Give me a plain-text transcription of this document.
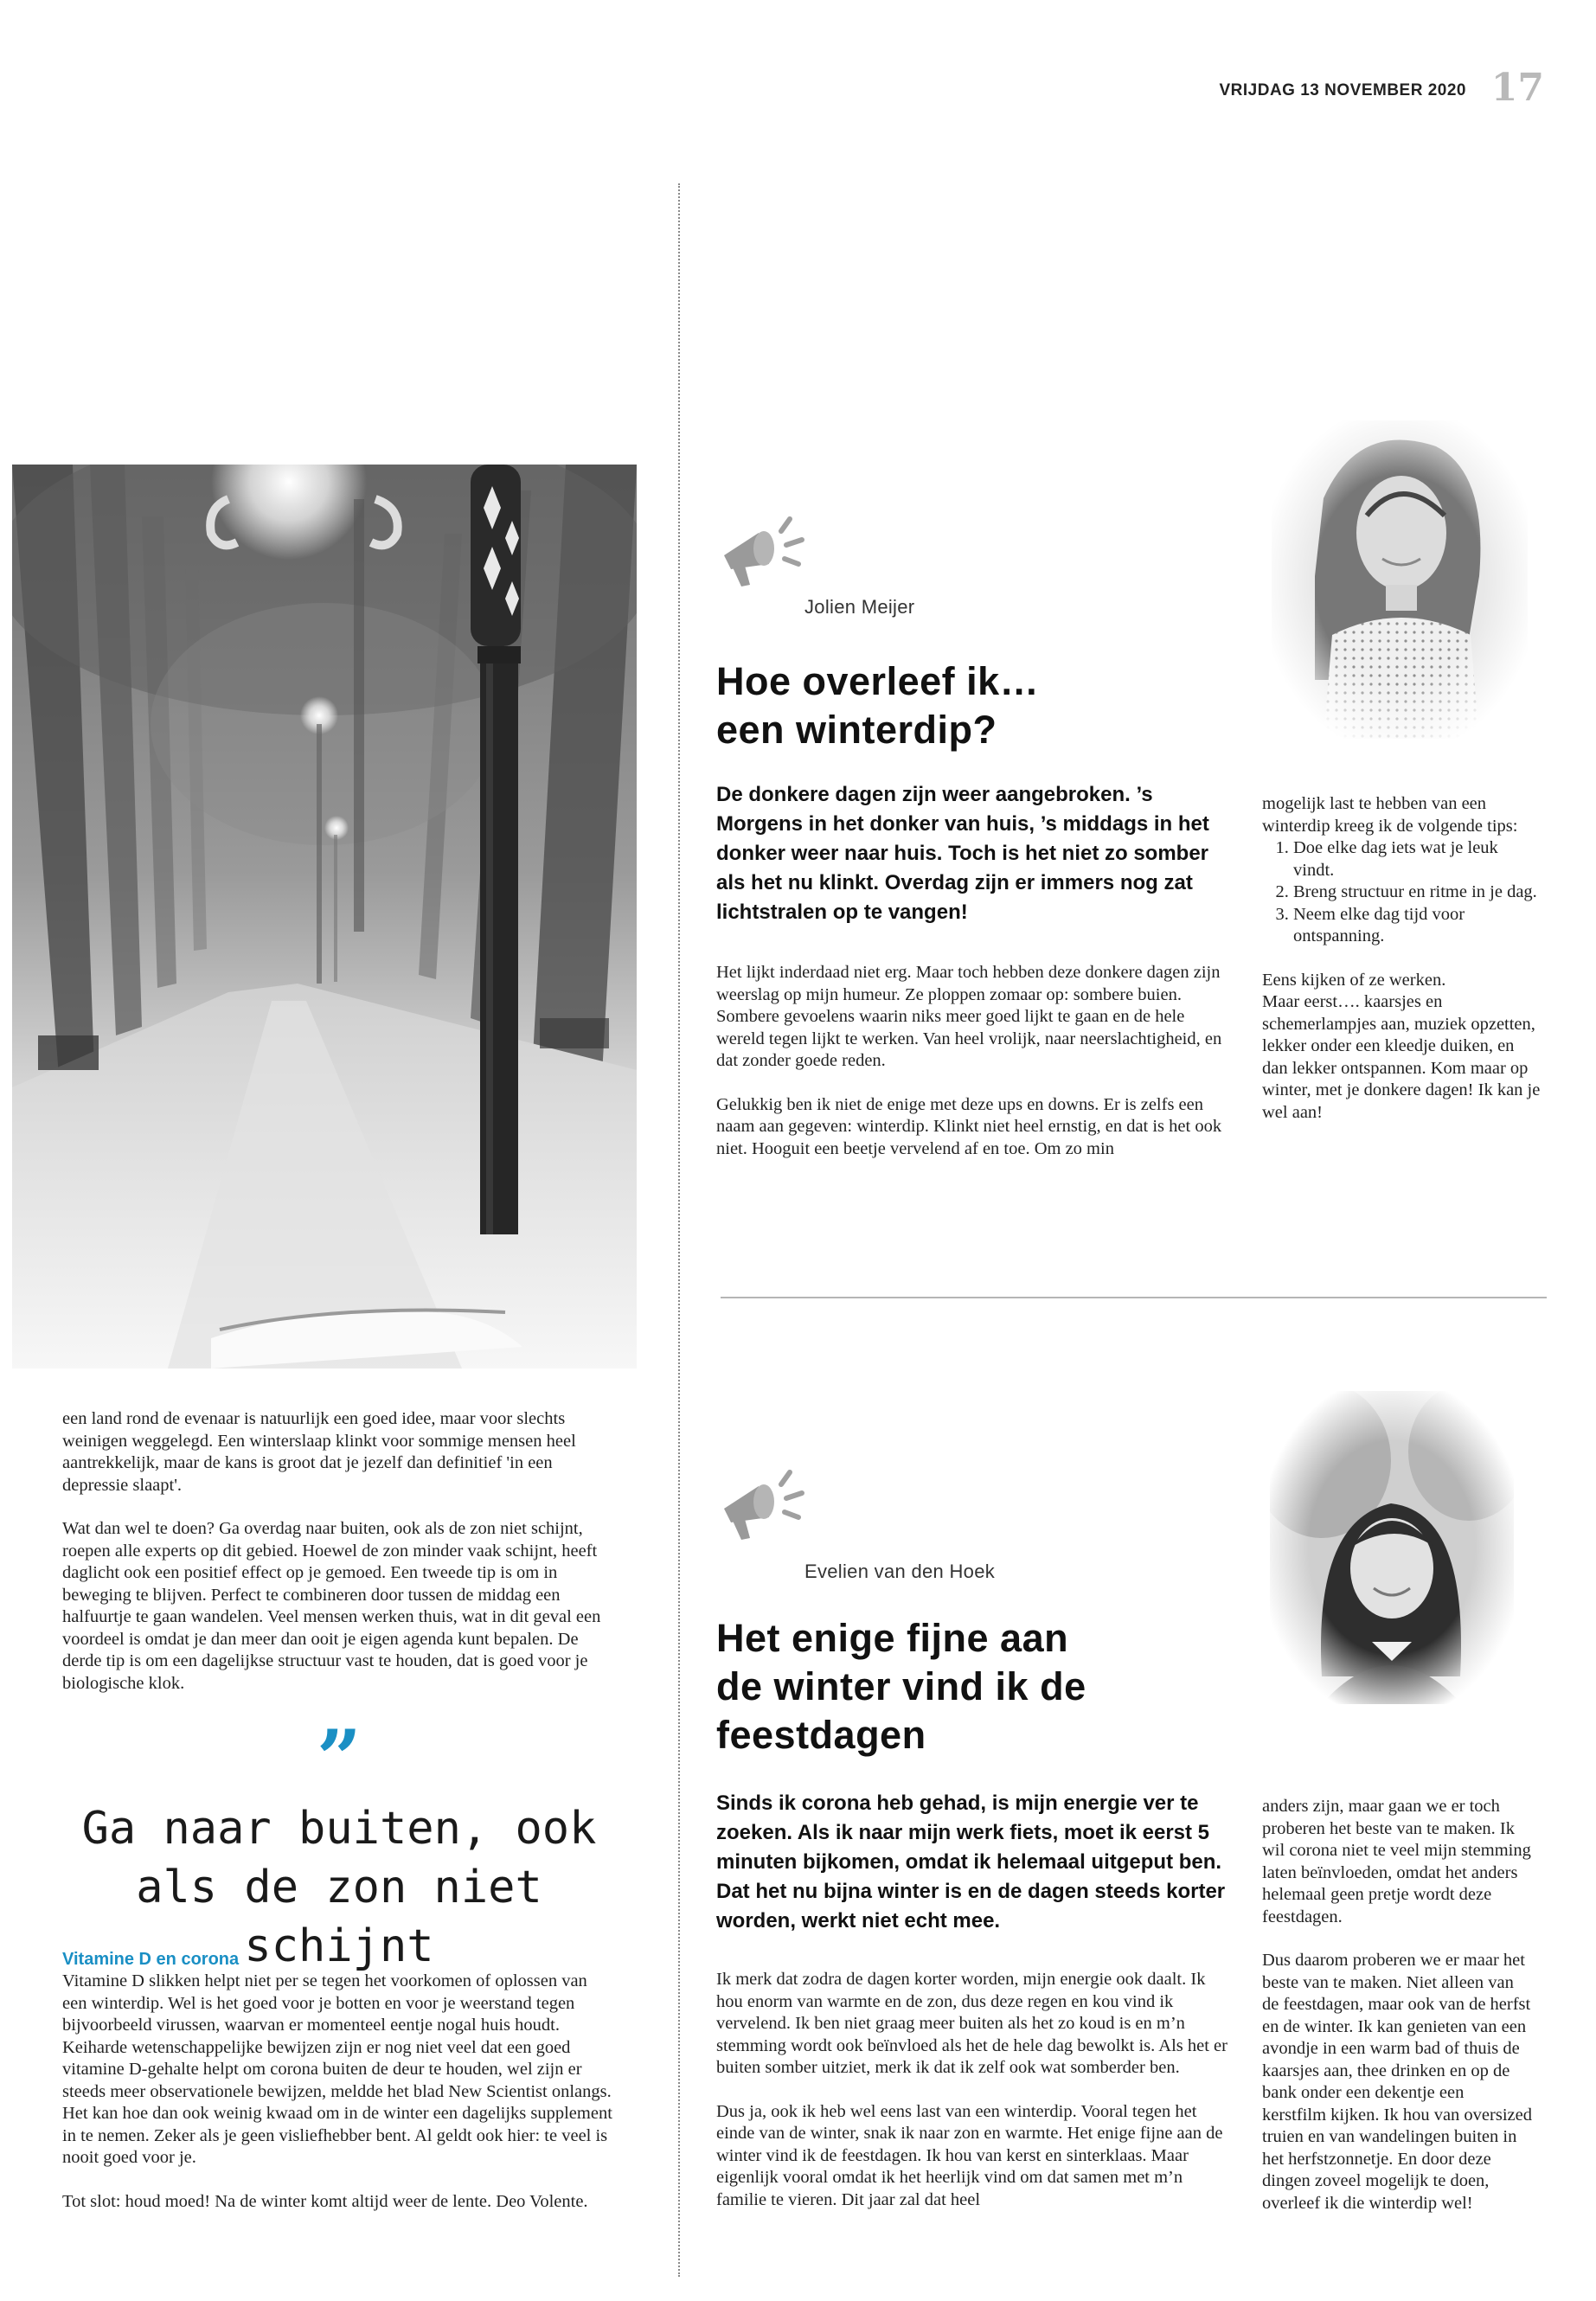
VRIJDAG 13 NOVEMBER 2020 17
Jolien Meijer
Hoe overleef ik…
een winterdip?
De donkere dagen zijn weer aangebroken. ’s Morgens in het donker van huis, ’s middags in het donker weer naar huis. Toch is het niet zo somber als het nu klinkt. Overdag zijn er immers nog zat lichtstralen op te vangen!

Het lijkt inderdaad niet erg. Maar toch hebben deze donkere dagen zijn weerslag op mijn humeur. Ze ploppen zomaar op: sombere buien. Sombere gevoelens waarin niks meer goed lijkt te gaan en de hele wereld tegen lijkt te werken. Van heel vrolijk, naar neerslachtigheid, en dat zonder goede reden.

Gelukkig ben ik niet de enige met deze ups en downs. Er is zelfs een naam aan gegeven: winterdip. Klinkt niet heel ernstig, en dat is het ook niet. Hooguit een beetje vervelend af en toe. Om zo min

mogelijk last te hebben van een winterdip kreeg ik de volgende tips:

1. Doe elke dag iets wat je leuk vindt.
2. Breng structuur en ritme in je dag.
3. Neem elke dag tijd voor ontspanning.

Eens kijken of ze werken.

Maar eerst…. kaarsjes en schemerlampjes aan, muziek opzetten, lekker onder een kleedje duiken, en dan lekker ontspannen. Kom maar op winter, met je donkere dagen! Ik kan je wel aan!

een land rond de evenaar is natuurlijk een goed idee, maar voor slechts weinigen weggelegd. Een winterslaap klinkt voor sommige mensen heel aantrekkelijk, maar de kans is groot dat je jezelf dan definitief 'in een depressie slaapt'.

Wat dan wel te doen? Ga overdag naar buiten, ook als de zon niet schijnt, roepen alle experts op dit gebied. Hoewel de zon minder vaak schijnt, heeft daglicht ook een positief effect op je gemoed. Een tweede tip is om in beweging te blijven. Perfect te combineren door tussen de middag een halfuurtje te gaan wandelen. Veel mensen werken thuis, wat in dit geval een voordeel is omdat je dan meer dan ooit je eigen agenda kunt bepalen. De derde tip is om een dagelijkse structuur vast te houden, dat is goed voor je biologische klok.

”
Ga naar buiten, ook als de zon niet schijnt
Vitamine D en corona

Vitamine D slikken helpt niet per se tegen het voorkomen of oplossen van een winterdip. Wel is het goed voor je botten en voor je weerstand tegen bijvoorbeeld virussen, waarvan er momenteel eentje nogal huis houdt. Keiharde wetenschappelijke bewijzen zijn er nog niet veel dat een goed vitamine D-gehalte helpt om corona buiten de deur te houden, wel zijn er steeds meer observationele bewijzen, meldde het blad New Scientist onlangs. Het kan hoe dan ook weinig kwaad om in de winter een dagelijks supplement in te nemen. Zeker als je geen visliefhebber bent. Al geldt ook hier: te veel is nooit goed voor je.

Tot slot: houd moed! Na de winter komt altijd weer de lente. Deo Volente.

Evelien van den Hoek
Het enige fijne aan
de winter vind ik de
feestdagen
Sinds ik corona heb gehad, is mijn energie ver te zoeken. Als ik naar mijn werk fiets, moet ik eerst 5 minuten bijkomen, omdat ik helemaal uitgeput ben. Dat het nu bijna winter is en de dagen steeds korter worden, werkt niet echt mee.

Ik merk dat zodra de dagen korter worden, mijn energie ook daalt. Ik hou enorm van warmte en de zon, dus deze regen en kou vind ik vervelend. Ik ben niet graag meer buiten als het zo koud is en m’n stemming wordt ook beïnvloed als het de hele dag bewolkt is. Als het er buiten somber uitziet, merk ik dat ik zelf ook wat somberder ben.

Dus ja, ook ik heb wel eens last van een winterdip. Vooral tegen het einde van de winter, snak ik naar zon en warmte. Het enige fijne aan de winter vind ik de feestdagen. Ik hou van kerst en sinterklaas. Maar eigenlijk vooral omdat ik het heerlijk vind om dat samen met m’n familie te vieren. Dit jaar zal dat heel

anders zijn, maar gaan we er toch proberen het beste van te maken. Ik wil corona niet te veel mijn stemming laten beïnvloeden, omdat het anders helemaal geen pretje wordt deze feestdagen.

Dus daarom proberen we er maar het beste van te maken. Niet alleen van de feestdagen, maar ook van de herfst en de winter. Ik kan genieten van een avondje in een warm bad of thuis de kaarsjes aan, thee drinken en op de bank onder een dekentje een kerstfilm kijken. Ik hou van oversized truien en van wandelingen buiten in het herfstzonnetje. En door deze dingen zoveel mogelijk te doen, overleef ik die winterdip wel!
